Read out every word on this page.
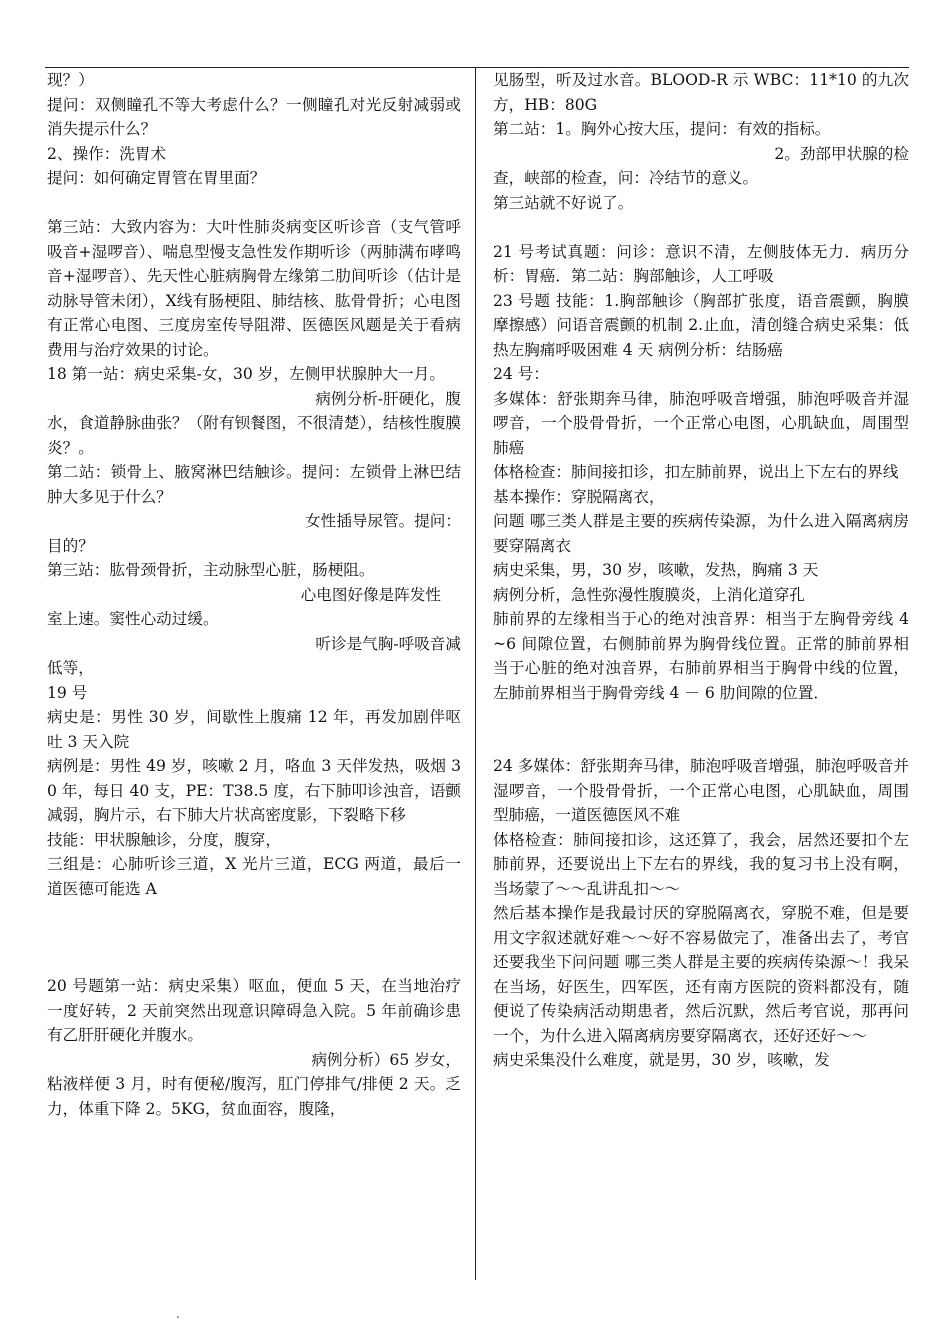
现？）

提问：双侧瞳孔不等大考虑什么？一侧瞳孔对光反射减弱或消失提示什么？

2、操作：洗胃术

提问：如何确定胃管在胃里面？

第三站：大致内容为：大叶性肺炎病变区听诊音（支气管呼吸音+湿啰音）、喘息型慢支急性发作期听诊（两肺满布哮鸣音+湿啰音）、先天性心脏病胸骨左缘第二肋间听诊（估计是动脉导管未闭），X线有肠梗阻、肺结核、肱骨骨折；心电图有正常心电图、三度房室传导阻滞、医德医风题是关于看病费用与治疗效果的讨论。

18 第一站：病史采集-女，30 岁，左侧甲状腺肿大一月。

病例分析-肝硬化，腹

水，食道静脉曲张？（附有钡餐图，不很清楚），结核性腹膜炎？。

第二站：锁骨上、腋窝淋巴结触诊。提问：左锁骨上淋巴结肿大多见于什么？

女性插导尿管。提问：

目的？

第三站：肱骨颈骨折，主动脉型心脏，肠梗阻。

心电图好像是阵发性

室上速。窦性心动过缓。

听诊是气胸-呼吸音减

低等，

19 号

病史是：男性 30 岁，间歇性上腹痛 12 年，再发加剧伴呕吐 3 天入院

病例是：男性 49 岁，咳嗽 2 月，咯血 3 天伴发热，吸烟 30 年，每日 40 支，PE：T38.5 度，右下肺叩诊浊音，语颤减弱，胸片示，右下肺大片状高密度影，下裂略下移

技能：甲状腺触诊，分度，腹穿，

三组是：心肺听诊三道，X 光片三道，ECG 两道，最后一道医德可能选 A

20 号题第一站：病史采集）呕血，便血 5 天，在当地治疗一度好转，2 天前突然出现意识障碍急入院。5 年前确诊患有乙肝肝硬化并腹水。

病例分析）65 岁女，

粘液样便 3 月，时有便秘/腹泻，肛门停排气/排便 2 天。乏力，体重下降 2。5KG，贫血面容，腹隆，

见肠型，听及过水音。BLOOD-R 示 WBC：11*10 的九次方，HB：80G

第二站：1。胸外心按大压，提问：有效的指标。

2。劲部甲状腺的检

查，峡部的检查，问：冷结节的意义。

第三站就不好说了。

21 号考试真题：问诊：意识不清，左侧肢体无力．病历分析：胃癌．第二站：胸部触诊，人工呼吸

23 号题 技能：1.胸部触诊（胸部扩张度，语音震颤，胸膜摩擦感）问语音震颤的机制 2.止血，清创缝合病史采集：低热左胸痛呼吸困难 4 天 病例分析：结肠癌

24 号：

多媒体：舒张期奔马律，肺泡呼吸音增强，肺泡呼吸音并湿啰音，一个股骨骨折，一个正常心电图，心肌缺血，周围型肺癌

体格检查：肺间接扣诊，扣左肺前界，说出上下左右的界线

基本操作：穿脱隔离衣，

问题 哪三类人群是主要的疾病传染源，为什么进入隔离病房要穿隔离衣

病史采集，男，30 岁，咳嗽，发热，胸痛 3 天

病例分析，急性弥漫性腹膜炎，上消化道穿孔

肺前界的左缘相当于心的绝对浊音界：相当于左胸骨旁线 4~6 间隙位置，右侧肺前界为胸骨线位置。正常的肺前界相当于心脏的绝对浊音界，右肺前界相当于胸骨中线的位置，左肺前界相当于胸骨旁线 4 － 6 肋间隙的位置．

24 多媒体：舒张期奔马律，肺泡呼吸音增强，肺泡呼吸音并湿啰音，一个股骨骨折，一个正常心电图，心肌缺血，周围型肺癌，一道医德医风不难

体格检查：肺间接扣诊，这还算了，我会，居然还要扣个左肺前界，还要说出上下左右的界线，我的复习书上没有啊，当场蒙了～～乱讲乱扣～～

然后基本操作是我最讨厌的穿脱隔离衣，穿脱不难，但是要用文字叙述就好难～～好不容易做完了，准备出去了，考官还要我坐下问问题 哪三类人群是主要的疾病传染源～！我呆在当场，好医生，四军医，还有南方医院的资料都没有，随便说了传染病活动期患者，然后沉默，然后考官说，那再问一个，为什么进入隔离病房要穿隔离衣，还好还好～～

病史采集没什么难度，就是男，30 岁，咳嗽，发

.
